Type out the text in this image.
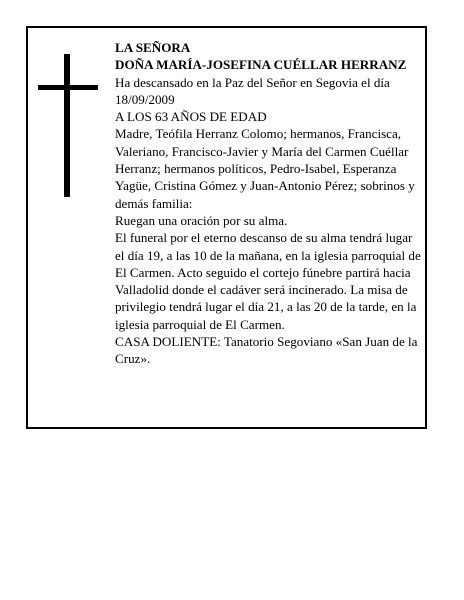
LA SEÑORA

DOÑA MARÍA-JOSEFINA CUÉLLAR HERRANZ

Ha descansado en la Paz del Señor en Segovia el día 18/09/2009

A LOS 63 AÑOS DE EDAD

Madre, Teófila Herranz Colomo; hermanos, Francisca, Valeriano, Francisco-Javier y María del Carmen Cuéllar Herranz; hermanos políticos, Pedro-Isabel, Esperanza Yagüe, Cristina Gómez y Juan-Antonio Pérez; sobrinos y demás familia:

Ruegan una oración por su alma.

El funeral por el eterno descanso de su alma tendrá lugar el día 19, a las 10 de la mañana, en la iglesia parroquial de El Carmen. Acto seguido el cortejo fúnebre partirá hacia Valladolid donde el cadáver será incinerado. La misa de privilegio tendrá lugar el día 21, a las 20 de la tarde, en la iglesia parroquial de El Carmen.

CASA DOLIENTE: Tanatorio Segoviano «San Juan de la Cruz».
